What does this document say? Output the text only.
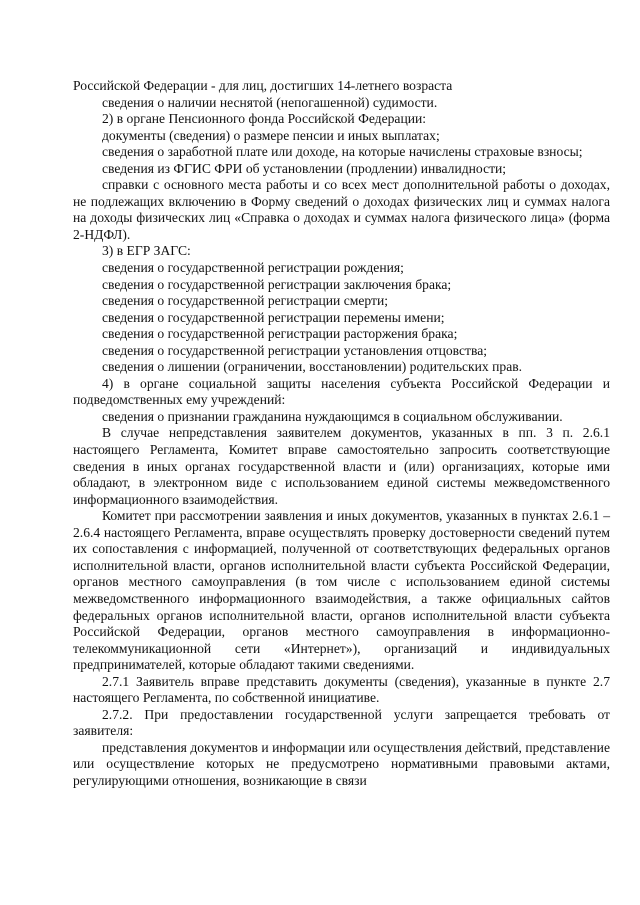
Российской Федерации - для лиц, достигших 14-летнего возраста

сведения о наличии неснятой (непогашенной) судимости.

2) в органе Пенсионного фонда Российской Федерации:

документы (сведения) о размере пенсии и иных выплатах;

сведения о заработной плате или доходе, на которые начислены страховые взносы;

сведения из ФГИС ФРИ об установлении (продлении) инвалидности;

справки с основного места работы и со всех мест дополнительной работы о доходах, не подлежащих включению в Форму сведений о доходах физических лиц и суммах налога на доходы физических лиц «Справка о доходах и суммах налога физического лица» (форма 2-НДФЛ).

3) в ЕГР ЗАГС:

сведения о государственной регистрации рождения;

сведения о государственной регистрации заключения брака;

сведения о государственной регистрации смерти;

сведения о государственной регистрации перемены имени;

сведения о государственной регистрации расторжения брака;

сведения о государственной регистрации установления отцовства;

сведения о лишении (ограничении, восстановлении) родительских прав.

4) в органе социальной защиты населения субъекта Российской Федерации и подведомственных ему учреждений:

сведения о признании гражданина нуждающимся в социальном обслуживании.

В случае непредставления заявителем документов, указанных в пп. 3 п. 2.6.1 настоящего Регламента, Комитет вправе самостоятельно запросить соответствующие сведения в иных органах государственной власти и (или) организациях, которые ими обладают, в электронном виде с использованием единой системы межведомственного информационного взаимодействия.

Комитет при рассмотрении заявления и иных документов, указанных в пунктах 2.6.1 – 2.6.4 настоящего Регламента, вправе осуществлять проверку достоверности сведений путем их сопоставления с информацией, полученной от соответствующих федеральных органов исполнительной власти, органов исполнительной власти субъекта Российской Федерации, органов местного самоуправления (в том числе с использованием единой системы межведомственного информационного взаимодействия, а также официальных сайтов федеральных органов исполнительной власти, органов исполнительной власти субъекта Российской Федерации, органов местного самоуправления в информационно-телекоммуникационной сети «Интернет»), организаций и индивидуальных предпринимателей, которые обладают такими сведениями.

2.7.1 Заявитель вправе представить документы (сведения), указанные в пункте 2.7 настоящего Регламента, по собственной инициативе.

2.7.2. При предоставлении государственной услуги запрещается требовать от заявителя:

представления документов и информации или осуществления действий, представление или осуществление которых не предусмотрено нормативными правовыми актами, регулирующими отношения, возникающие в связи
